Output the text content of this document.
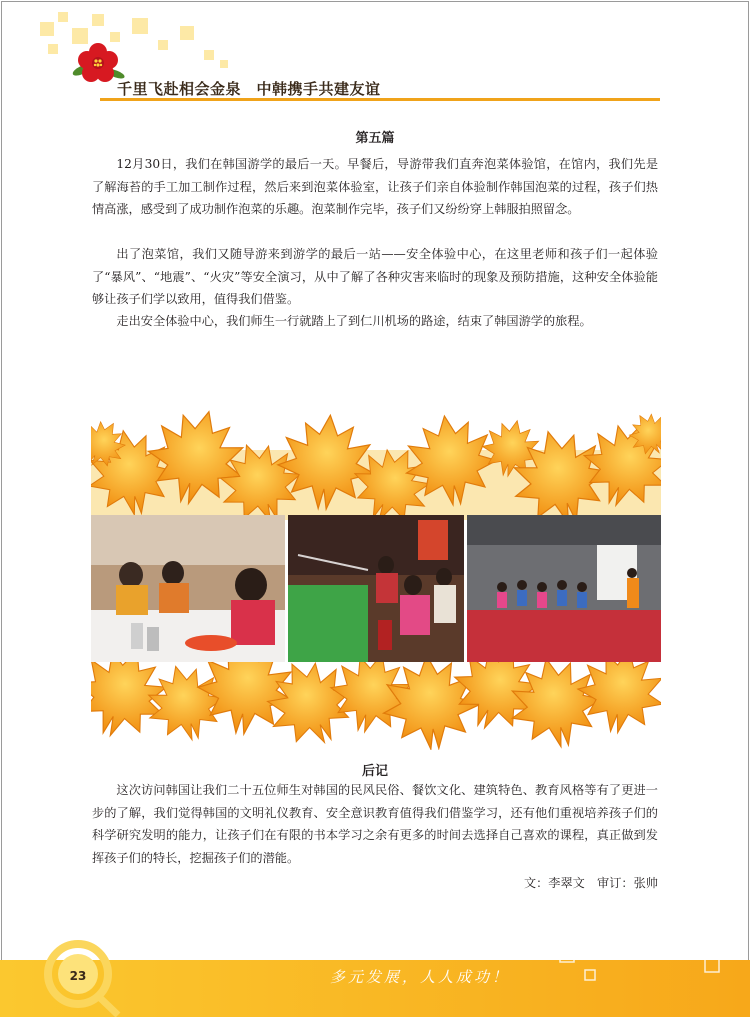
千里飞赴相会金泉　中韩携手共建友谊
第五篇

12月30日，我们在韩国游学的最后一天。早餐后，导游带我们直奔泡菜体验馆，在馆内，我们先是了解海苔的手工加工制作过程，然后来到泡菜体验室，让孩子们亲自体验制作韩国泡菜的过程，孩子们热情高涨，感受到了成功制作泡菜的乐趣。泡菜制作完毕，孩子们又纷纷穿上韩服拍照留念。

出了泡菜馆，我们又随导游来到游学的最后一站——安全体验中心，在这里老师和孩子们一起体验了“暴风”、“地震”、“火灾”等安全演习，从中了解了各种灾害来临时的现象及预防措施，这种安全体验能够让孩子们学以致用，值得我们借鉴。

走出安全体验中心，我们师生一行就踏上了到仁川机场的路途，结束了韩国游学的旅程。

后记

这次访问韩国让我们二十五位师生对韩国的民风民俗、餐饮文化、建筑特色、教育风格等有了更进一步的了解，我们觉得韩国的文明礼仪教育、安全意识教育值得我们借鉴学习，还有他们重视培养孩子们的科学研究发明的能力，让孩子们在有限的书本学习之余有更多的时间去选择自己喜欢的课程，真正做到发挥孩子们的特长，挖掘孩子们的潜能。

文：李翠文　审订：张帅
23	多元发展，人人成功！
